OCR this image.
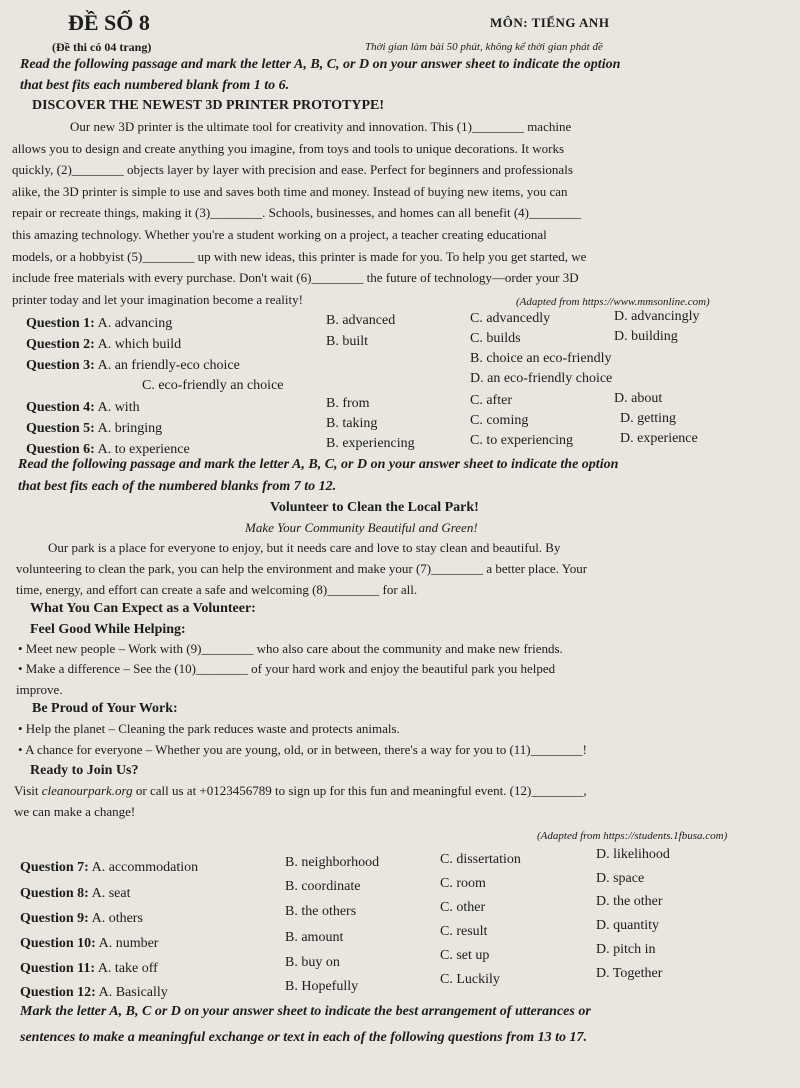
ĐỀ SỐ 8
(Đề thi có 04 trang)
MÔN: TIẾNG ANH
Thời gian làm bài 50 phút, không kể thời gian phát đề
Read the following passage and mark the letter A, B, C, or D on your answer sheet to indicate the option
that best fits each numbered blank from 1 to 6.
DISCOVER THE NEWEST 3D PRINTER PROTOTYPE!
Our new 3D printer is the ultimate tool for creativity and innovation. This (1)________ machine
allows you to design and create anything you imagine, from toys and tools to unique decorations. It works
quickly, (2)________ objects layer by layer with precision and ease. Perfect for beginners and professionals
alike, the 3D printer is simple to use and saves both time and money. Instead of buying new items, you can
repair or recreate things, making it (3)________. Schools, businesses, and homes can all benefit (4)________
this amazing technology. Whether you're a student working on a project, a teacher creating educational
models, or a hobbyist (5)________ up with new ideas, this printer is made for you. To help you get started, we
include free materials with every purchase. Don't wait (6)________ the future of technology—order your 3D
printer today and let your imagination become a reality!	(Adapted from https://www.mmsonline.com)
Question 1: A. advancing	B. advanced	C. advancedly	D. advancingly
Question 2: A. which build	B. built	C. builds	D. building
Question 3: A. an friendly-eco choice	B. choice an eco-friendly
C. eco-friendly an choice	D. an eco-friendly choice
Question 4: A. with	B. from	C. after	D. about
Question 5: A. bringing	B. taking	C. coming	D. getting
Question 6: A. to experience	B. experiencing	C. to experiencing	D. experience
Read the following passage and mark the letter A, B, C, or D on your answer sheet to indicate the option
that best fits each of the numbered blanks from 7 to 12.
Volunteer to Clean the Local Park!
Make Your Community Beautiful and Green!
Our park is a place for everyone to enjoy, but it needs care and love to stay clean and beautiful. By
volunteering to clean the park, you can help the environment and make your (7)________ a better place. Your
time, energy, and effort can create a safe and welcoming (8)________ for all.
What You Can Expect as a Volunteer:
Feel Good While Helping:
• Meet new people – Work with (9)________ who also care about the community and make new friends.
• Make a difference – See the (10)________ of your hard work and enjoy the beautiful park you helped
improve.
Be Proud of Your Work:
• Help the planet – Cleaning the park reduces waste and protects animals.
• A chance for everyone – Whether you are young, old, or in between, there's a way for you to (11)________!
Ready to Join Us?
Visit cleanourpark.org or call us at +0123456789 to sign up for this fun and meaningful event. (12)________,
we can make a change!
(Adapted from https://students.1fbusa.com)
Question 7: A. accommodation	B. neighborhood	C. dissertation	D. likelihood
Question 8: A. seat	B. coordinate	C. room	D. space
Question 9: A. others	B. the others	C. other	D. the other
Question 10: A. number	B. amount	C. result	D. quantity
Question 11: A. take off	B. buy on	C. set up	D. pitch in
Question 12: A. Basically	B. Hopefully	C. Luckily	D. Together
Mark the letter A, B, C or D on your answer sheet to indicate the best arrangement of utterances or
sentences to make a meaningful exchange or text in each of the following questions from 13 to 17.
